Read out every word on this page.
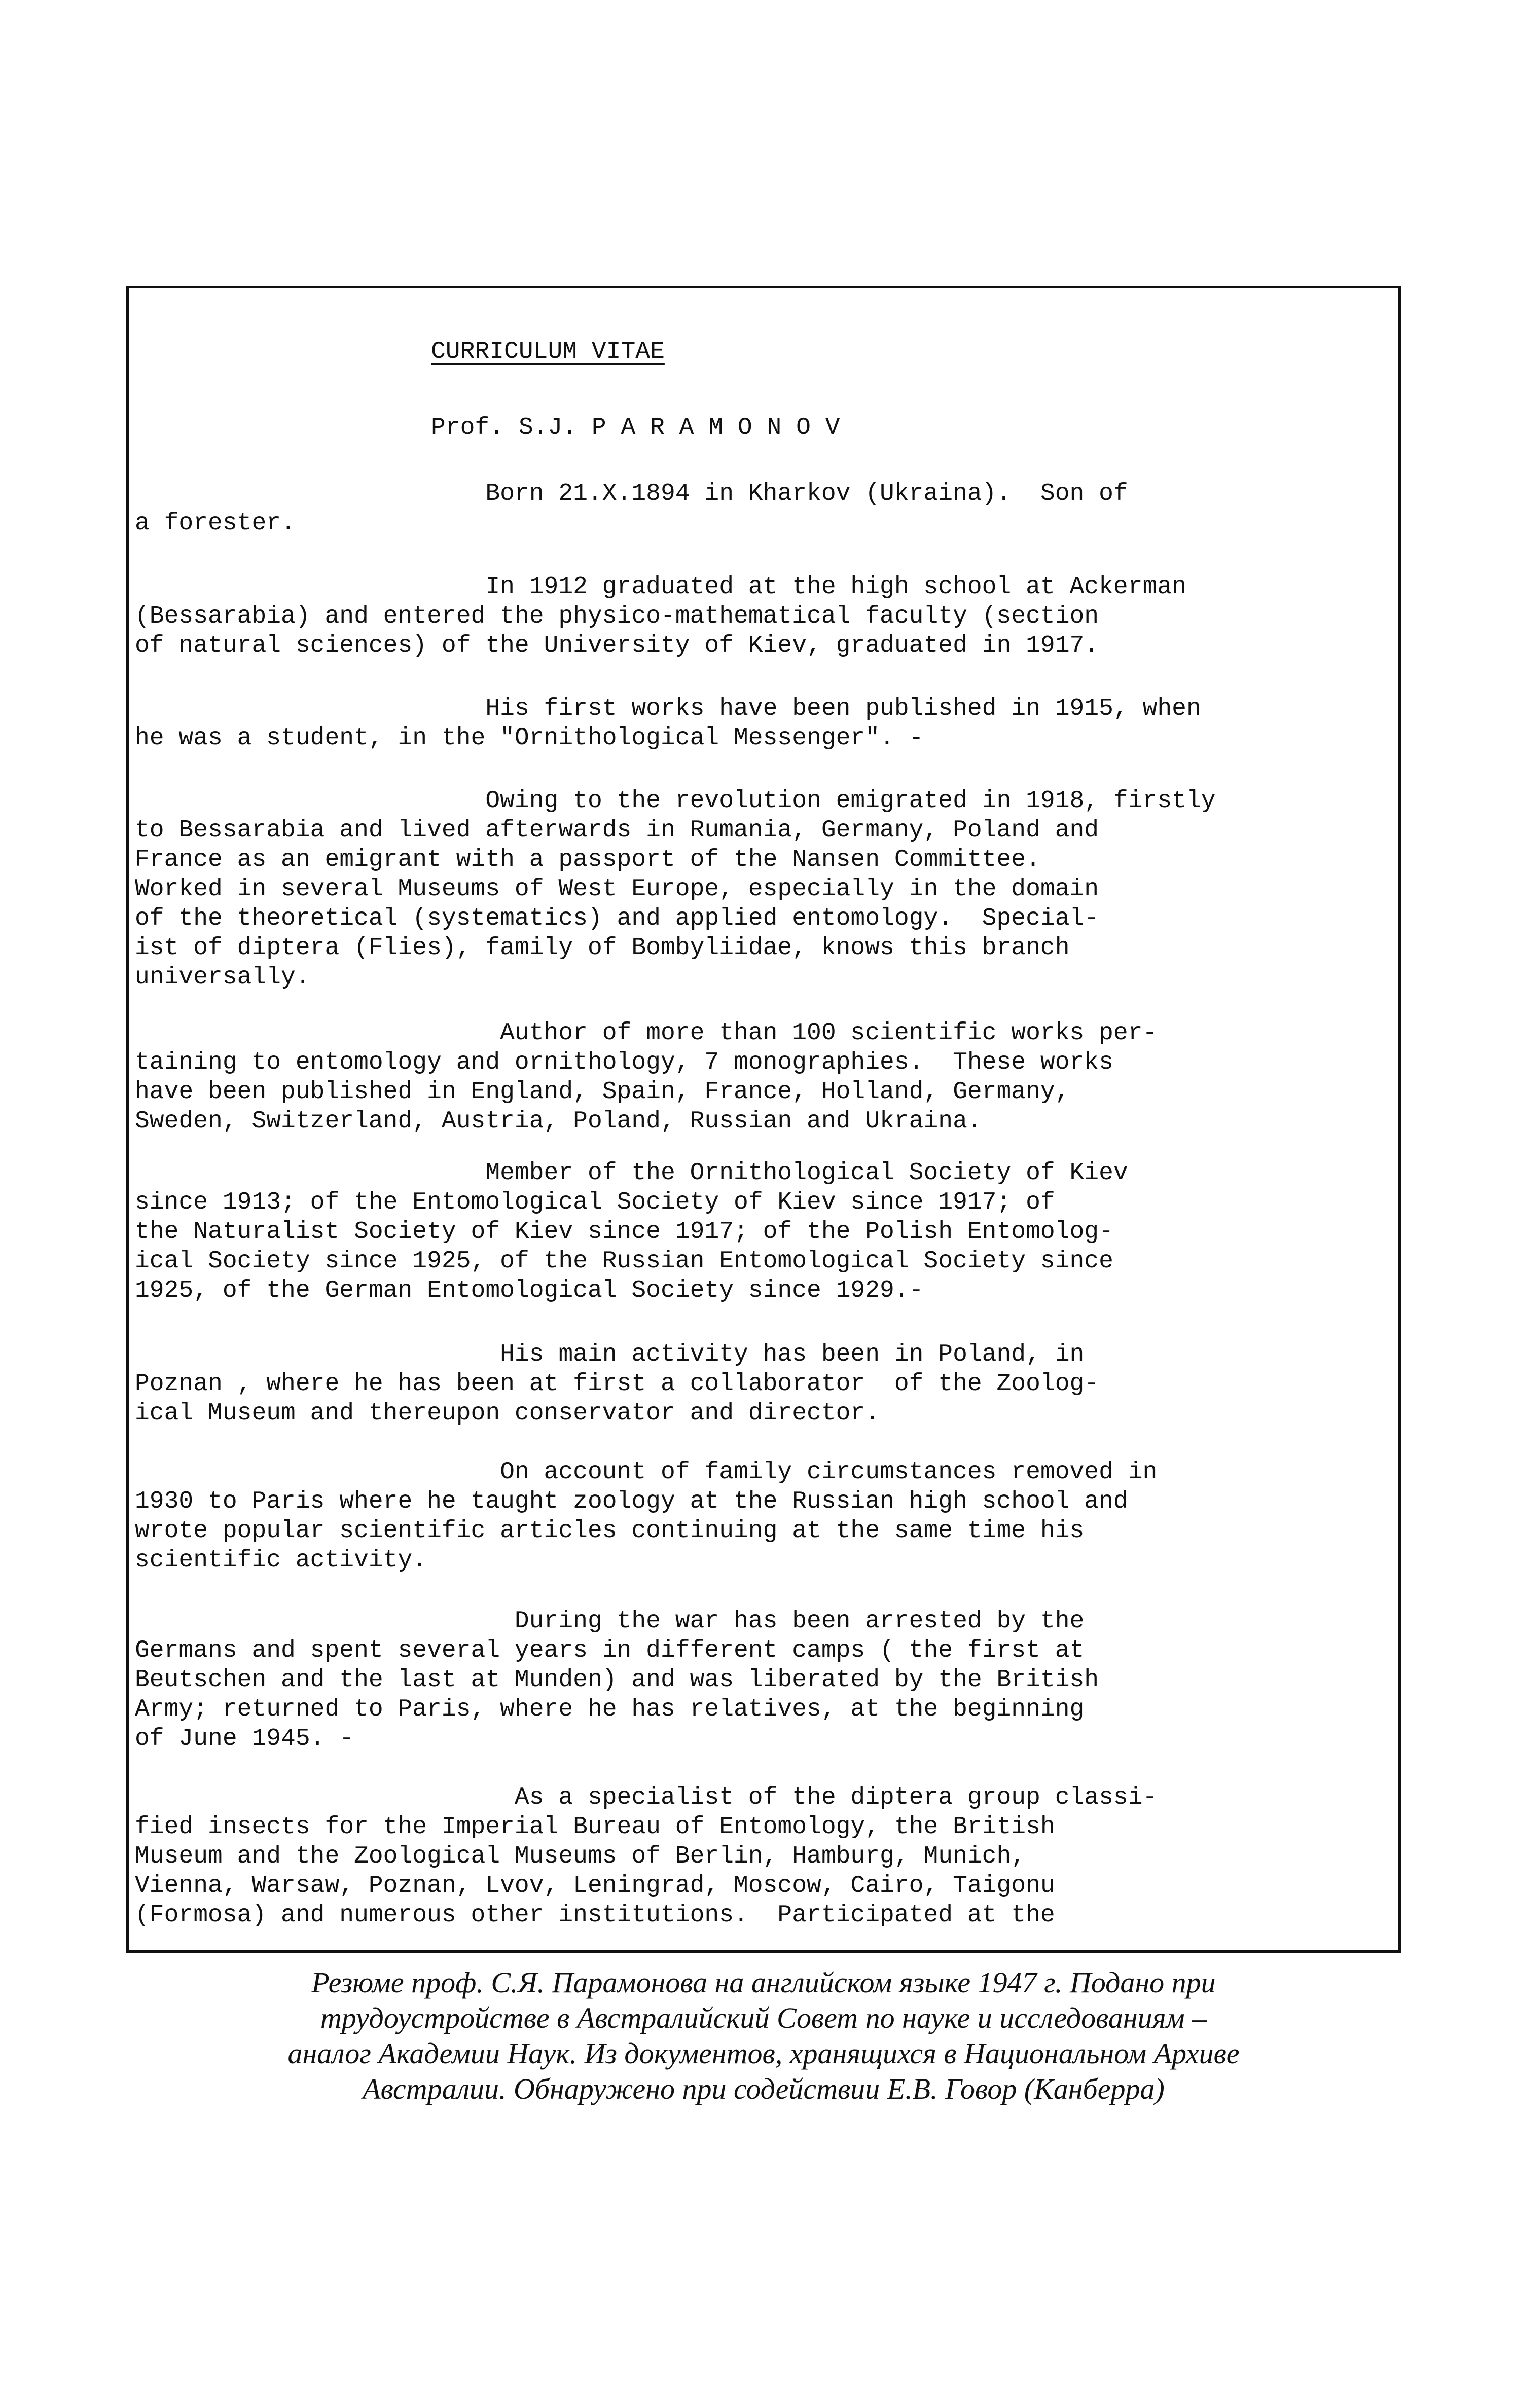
CURRICULUM VITAE

Prof. S.J. P A R A M O N O V

Born 21.X.1894 in Kharkov (Ukraina).  Son of
a forester.

In 1912 graduated at the high school at Ackerman
(Bessarabia) and entered the physico-mathematical faculty (section
of natural sciences) of the University of Kiev, graduated in 1917.

His first works have been published in 1915, when
he was a student, in the "Ornithological Messenger". -

Owing to the revolution emigrated in 1918, firstly
to Bessarabia and lived afterwards in Rumania, Germany, Poland and
France as an emigrant with a passport of the Nansen Committee.
Worked in several Museums of West Europe, especially in the domain
of the theoretical (systematics) and applied entomology.  Special-
ist of diptera (Flies), family of Bombyliidae, knows this branch
universally.

Author of more than 100 scientific works per-
taining to entomology and ornithology, 7 monographies.  These works
have been published in England, Spain, France, Holland, Germany,
Sweden, Switzerland, Austria, Poland, Russian and Ukraina.

Member of the Ornithological Society of Kiev
since 1913; of the Entomological Society of Kiev since 1917; of
the Naturalist Society of Kiev since 1917; of the Polish Entomolog-
ical Society since 1925, of the Russian Entomological Society since
1925, of the German Entomological Society since 1929.-

His main activity has been in Poland, in
Poznan , where he has been at first a collaborator  of the Zoolog-
ical Museum and thereupon conservator and director.

On account of family circumstances removed in
1930 to Paris where he taught zoology at the Russian high school and
wrote popular scientific articles continuing at the same time his
scientific activity.

During the war has been arrested by the
Germans and spent several years in different camps ( the first at
Beutschen and the last at Munden) and was liberated by the British
Army; returned to Paris, where he has relatives, at the beginning
of June 1945. -

As a specialist of the diptera group classi-
fied insects for the Imperial Bureau of Entomology, the British
Museum and the Zoological Museums of Berlin, Hamburg, Munich,
Vienna, Warsaw, Poznan, Lvov, Leningrad, Moscow, Cairo, Taigonu
(Formosa) and numerous other institutions.  Participated at the

Резюме проф. С.Я. Парамонова на английском языке 1947 г. Подано при
трудоустройстве в Австралийский Совет по науке и исследованиям –
аналог Академии Наук. Из документов, хранящихся в Национальном Архиве
Австралии. Обнаружено при содействии Е.В. Говор (Канберра)
